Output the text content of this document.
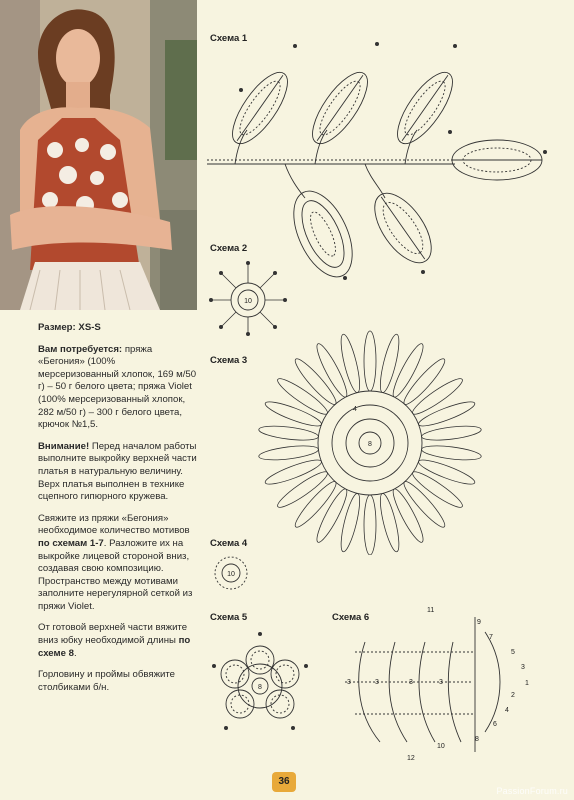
Размер: XS-S

Вам потребуется: пряжа «Бегония» (100% мерсеризованный хлопок, 169 м/50 г) – 50 г белого цвета; пряжа Violet (100% мерсеризованный хлопок, 282 м/50 г) – 300 г белого цвета, крючок №1,5.

Внимание! Перед началом работы выполните выкройку верхней части платья в натуральную величину. Верх платья выполнен в технике сцепного гипюрного кружева.

Свяжите из пряжи «Бегония» необходимое количество мотивов по схемам 1-7. Разложите их на выкройке лицевой стороной вниз, создавая свою композицию. Пространство между мотивами заполните нерегулярной сеткой из пряжи Violet.

От готовой верхней части вяжите вниз юбку необходимой длины по схеме 8.

Горловину и проймы обвяжите столбиками б/н.

Схема 1
Схема 2
Схема 3
Схема 4
Схема 5	Схема 6
10
8
4
10
8
11
9
7
5
3
1
2
4
6
8
10
12
3	3	3	3
36
PassionForum.ru
